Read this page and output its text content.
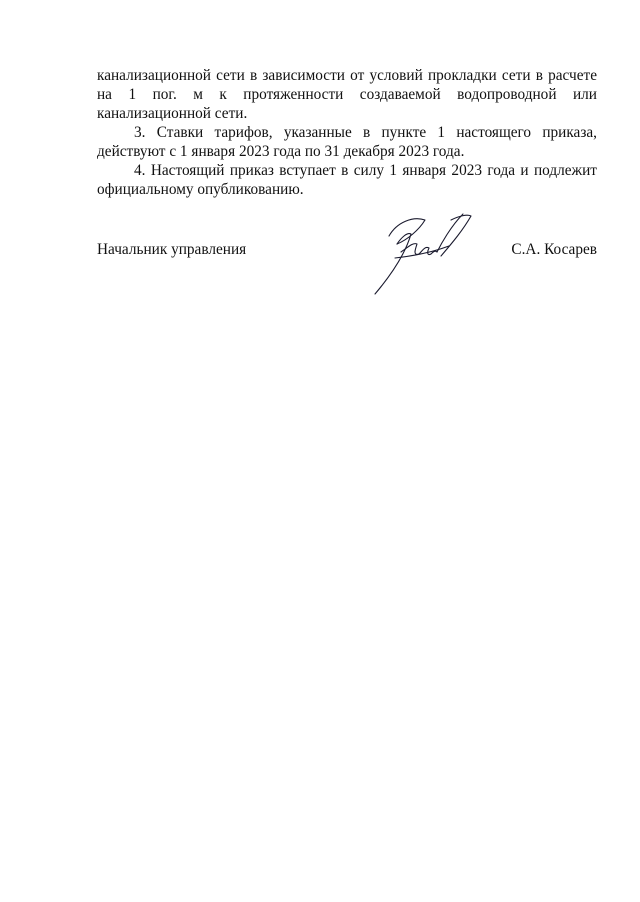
канализационной сети в зависимости от условий прокладки сети в расчете на 1 пог. м к протяженности создаваемой водопроводной или канализационной сети.

3. Ставки тарифов, указанные в пункте 1 настоящего приказа, действуют с 1 января 2023 года по 31 декабря 2023 года.

4. Настоящий приказ вступает в силу 1 января 2023 года и подлежит официальному опубликованию.

Начальник управления	С.А. Косарев
